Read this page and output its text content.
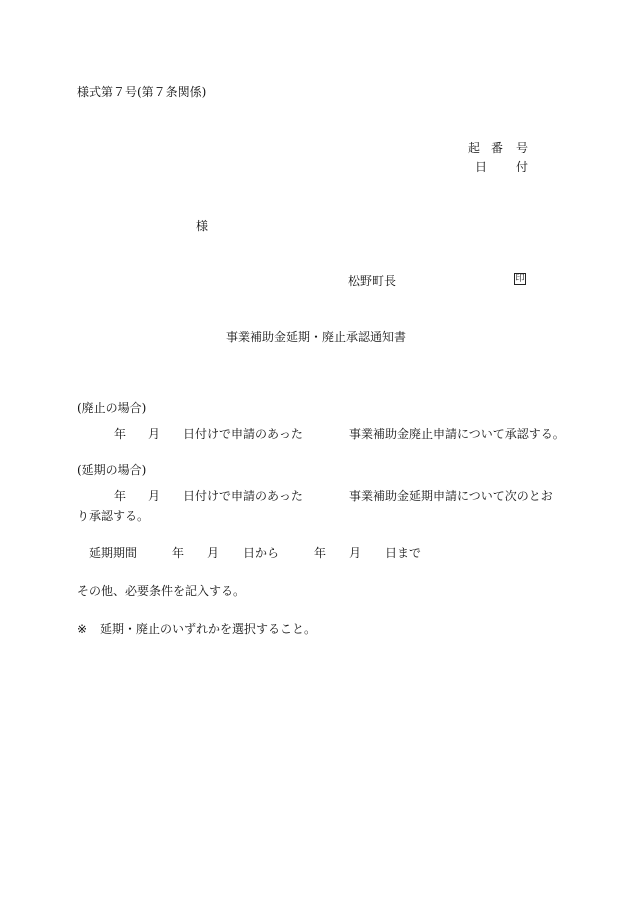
様式第７号(第７条関係)
起 番 号
日 付
様
松野町長	印
事業補助金延期・廃止承認通知書
(廃止の場合)
年 月 日付けで申請のあった	事業補助金廃止申請について承認する。
(延期の場合)
年 月 日付けで申請のあった	事業補助金延期申請について次のとお
り承認する。
延期期間	年 月 日から	年 月 日まで
その他、必要条件を記入する。
※ 延期・廃止のいずれかを選択すること。
